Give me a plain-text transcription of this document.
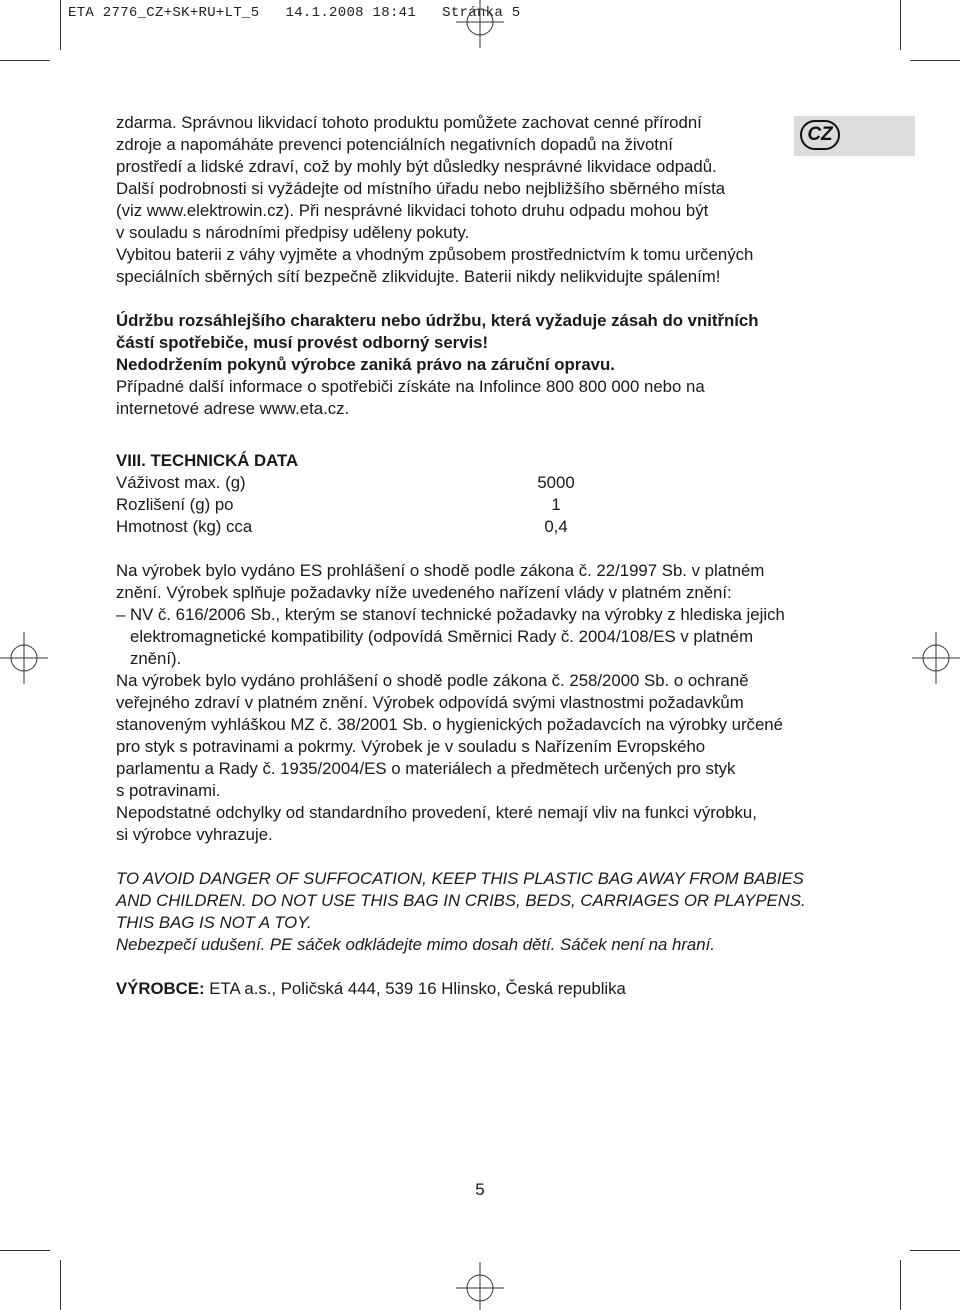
ETA 2776_CZ+SK+RU+LT_5   14.1.2008 18:41   Stránka 5
CZ

zdarma. Správnou likvidací tohoto produktu pomůžete zachovat cenné přírodní

zdroje a napomáháte prevenci potenciálních negativních dopadů na životní

prostředí a lidské zdraví, což by mohly být důsledky nesprávné likvidace odpadů.

Další podrobnosti si vyžádejte od místního úřadu nebo nejbližšího sběrného místa

(viz www.elektrowin.cz). Při nesprávné likvidaci tohoto druhu odpadu mohou být

v souladu s národními předpisy uděleny pokuty.

Vybitou baterii z váhy vyjměte a vhodným způsobem prostřednictvím k tomu určených

speciálních sběrných sítí bezpečně zlikvidujte. Baterii nikdy nelikvidujte spálením!

Údržbu rozsáhlejšího charakteru nebo údržbu, která vyžaduje zásah do vnitřních

částí spotřebiče, musí provést odborný servis!

Nedodržením pokynů výrobce zaniká právo na záruční opravu.

Případné další informace o spotřebiči získáte na Infolince 800 800 000 nebo na

internetové adrese www.eta.cz.

VIII. TECHNICKÁ DATA

Váživost max. (g)	5000
Rozlišení (g) po	1
Hmotnost (kg) cca	0,4

Na výrobek bylo vydáno ES prohlášení o shodě podle zákona č. 22/1997 Sb. v platném

znění. Výrobek splňuje požadavky níže uvedeného nařízení vlády v platném znění:

– NV č. 616/2006 Sb., kterým se stanoví technické požadavky na výrobky z hlediska jejich

elektromagnetické kompatibility (odpovídá Směrnici Rady č. 2004/108/ES v platném

znění).

Na výrobek bylo vydáno prohlášení o shodě podle zákona č. 258/2000 Sb. o ochraně

veřejného zdraví v platném znění. Výrobek odpovídá svými vlastnostmi požadavkům

stanoveným vyhláškou MZ č. 38/2001 Sb. o hygienických požadavcích na výrobky určené

pro styk s potravinami a pokrmy. Výrobek je v souladu s Nařízením Evropského

parlamentu a Rady č. 1935/2004/ES o materiálech a předmětech určených pro styk

s potravinami.

Nepodstatné odchylky od standardního provedení, které nemají vliv na funkci výrobku,

si výrobce vyhrazuje.

TO AVOID DANGER OF SUFFOCATION, KEEP THIS PLASTIC BAG AWAY FROM BABIES

AND CHILDREN. DO NOT USE THIS BAG IN CRIBS, BEDS, CARRIAGES OR PLAYPENS.

THIS BAG IS NOT A TOY.

Nebezpečí udušení. PE sáček odkládejte mimo dosah dětí. Sáček není na hraní.

VÝROBCE: ETA a.s., Poličská 444, 539 16 Hlinsko, Česká republika

5
